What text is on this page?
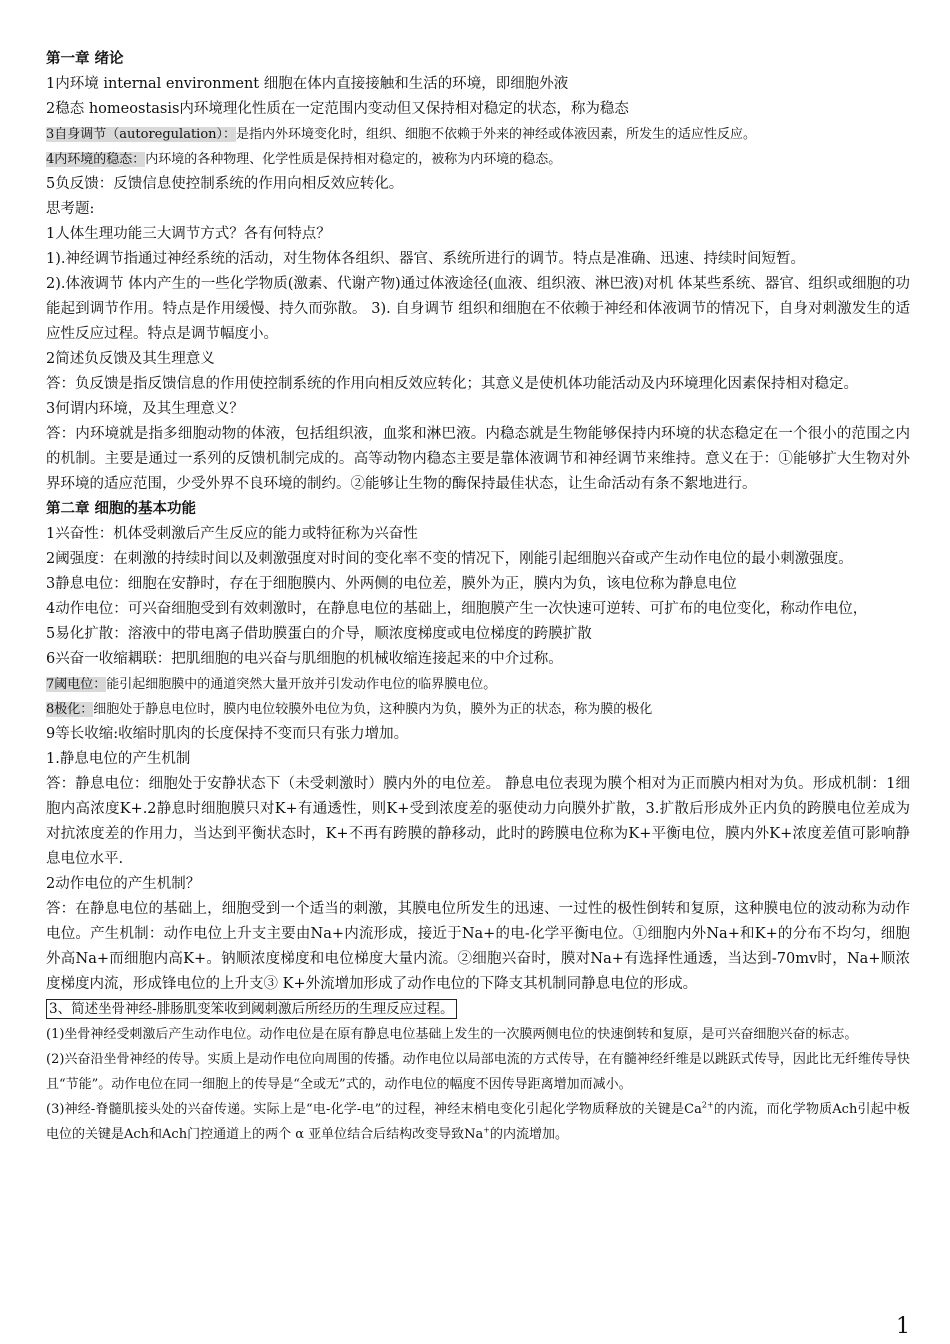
第一章 绪论

1内环境 internal environment 细胞在体内直接接触和生活的环境，即细胞外液

2稳态 homeostasis内环境理化性质在一定范围内变动但又保持相对稳定的状态，称为稳态

3自身调节（autoregulation）：是指内外环境变化时，组织、细胞不依赖于外来的神经或体液因素，所发生的适应性反应。

4内环境的稳态：内环境的各种物理、化学性质是保持相对稳定的，被称为内环境的稳态。

5负反馈：反馈信息使控制系统的作用向相反效应转化。

思考题:

1人体生理功能三大调节方式？各有何特点？

1).神经调节指通过神经系统的活动，对生物体各组织、器官、系统所进行的调节。特点是准确、迅速、持续时间短暂。

2).体液调节 体内产生的一些化学物质(激素、代谢产物)通过体液途径(血液、组织液、淋巴液)对机 体某些系统、器官、组织或细胞的功能起到调节作用。特点是作用缓慢、持久而弥散。 3). 自身调节 组织和细胞在不依赖于神经和体液调节的情况下，自身对刺激发生的适应性反应过程。特点是调节幅度小。

2简述负反馈及其生理意义

答：负反馈是指反馈信息的作用使控制系统的作用向相反效应转化；其意义是使机体功能活动及内环境理化因素保持相对稳定。

3何谓内环境，及其生理意义？

答：内环境就是指多细胞动物的体液，包括组织液，血浆和淋巴液。内稳态就是生物能够保持内环境的状态稳定在一个很小的范围之内的机制。主要是通过一系列的反馈机制完成的。高等动物内稳态主要是靠体液调节和神经调节来维持。意义在于：①能够扩大生物对外界环境的适应范围，少受外界不良环境的制约。②能够让生物的酶保持最佳状态，让生命活动有条不絮地进行。

第二章 细胞的基本功能

1兴奋性：机体受刺激后产生反应的能力或特征称为兴奋性

2阈强度：在刺激的持续时间以及刺激强度对时间的变化率不变的情况下，刚能引起细胞兴奋或产生动作电位的最小刺激强度。

3静息电位：细胞在安静时，存在于细胞膜内、外两侧的电位差，膜外为正，膜内为负，该电位称为静息电位

4动作电位：可兴奋细胞受到有效刺激时，在静息电位的基础上，细胞膜产生一次快速可逆转、可扩布的电位变化，称动作电位，

5易化扩散：溶液中的带电离子借助膜蛋白的介导，顺浓度梯度或电位梯度的跨膜扩散

6兴奋一收缩耦联：把肌细胞的电兴奋与肌细胞的机械收缩连接起来的中介过称。

7阈电位：能引起细胞膜中的通道突然大量开放并引发动作电位的临界膜电位。

8极化：细胞处于静息电位时，膜内电位较膜外电位为负，这种膜内为负，膜外为正的状态，称为膜的极化

9等长收缩:收缩时肌肉的长度保持不变而只有张力增加。

1.静息电位的产生机制

答：静息电位：细胞处于安静状态下（未受刺激时）膜内外的电位差。 静息电位表现为膜个相对为正而膜内相对为负。形成机制：1细胞内高浓度K+.2静息时细胞膜只对K+有通透性，则K+受到浓度差的驱使动力向膜外扩散，3.扩散后形成外正内负的跨膜电位差成为对抗浓度差的作用力，当达到平衡状态时，K+不再有跨膜的静移动，此时的跨膜电位称为K+平衡电位，膜内外K+浓度差值可影响静息电位水平.

2动作电位的产生机制？

答：在静息电位的基础上，细胞受到一个适当的刺激，其膜电位所发生的迅速、一过性的极性倒转和复原，这种膜电位的波动称为动作电位。产生机制：动作电位上升支主要由Na+内流形成，接近于Na+的电-化学平衡电位。①细胞内外Na+和K+的分布不均匀，细胞外高Na+而细胞内高K+。钠顺浓度梯度和电位梯度大量内流。②细胞兴奋时，膜对Na+有选择性通透，当达到-70mv时，Na+顺浓度梯度内流，形成锋电位的上升支③ K+外流增加形成了动作电位的下降支其机制同静息电位的形成。

3、简述坐骨神经-腓肠肌变笨收到阈刺激后所经历的生理反应过程。

(1)坐骨神经受刺激后产生动作电位。动作电位是在原有静息电位基础上发生的一次膜两侧电位的快速倒转和复原，是可兴奋细胞兴奋的标志。

(2)兴奋沿坐骨神经的传导。实质上是动作电位向周围的传播。动作电位以局部电流的方式传导，在有髓神经纤维是以跳跃式传导，因此比无纤维传导快且“节能”。动作电位在同一细胞上的传导是“全或无”式的，动作电位的幅度不因传导距离增加而减小。

(3)神经-脊髓肌接头处的兴奋传递。实际上是“电-化学-电”的过程，神经末梢电变化引起化学物质释放的关键是$Ca^{2+}$的内流，而化学物质Ach引起中板电位的关键是Ach和Ach门控通道上的两个 α 亚单位结合后结构改变导致Na+的内流增加。

1
